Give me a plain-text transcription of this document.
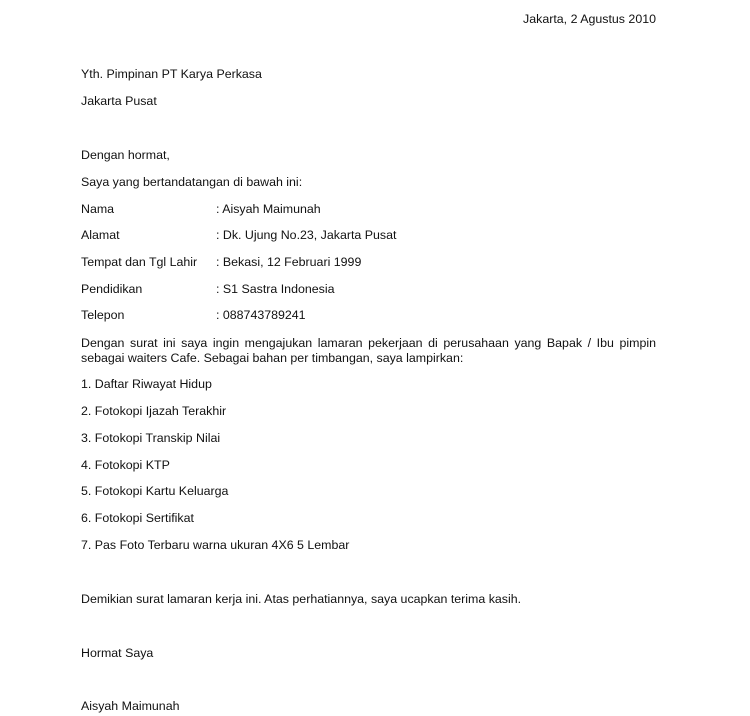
Jakarta, 2 Agustus 2010
Yth. Pimpinan PT Karya Perkasa
Jakarta Pusat
Dengan hormat,
Saya yang bertandatangan di bawah ini:
Nama	: Aisyah Maimunah
Alamat	: Dk. Ujung No.23, Jakarta Pusat
Tempat dan Tgl Lahir : Bekasi, 12 Februari 1999
Pendidikan	: S1 Sastra Indonesia
Telepon	: 088743789241
Dengan surat ini saya ingin mengajukan lamaran pekerjaan di perusahaan yang Bapak / Ibu pimpin sebagai waiters Cafe. Sebagai bahan per timbangan, saya lampirkan:
1. Daftar Riwayat Hidup
2. Fotokopi Ijazah Terakhir
3. Fotokopi Transkip Nilai
4. Fotokopi KTP
5. Fotokopi Kartu Keluarga
6. Fotokopi Sertifikat
7. Pas Foto Terbaru warna ukuran 4X6 5 Lembar
Demikian surat lamaran kerja ini. Atas perhatiannya, saya ucapkan terima kasih.
Hormat Saya
Aisyah Maimunah
